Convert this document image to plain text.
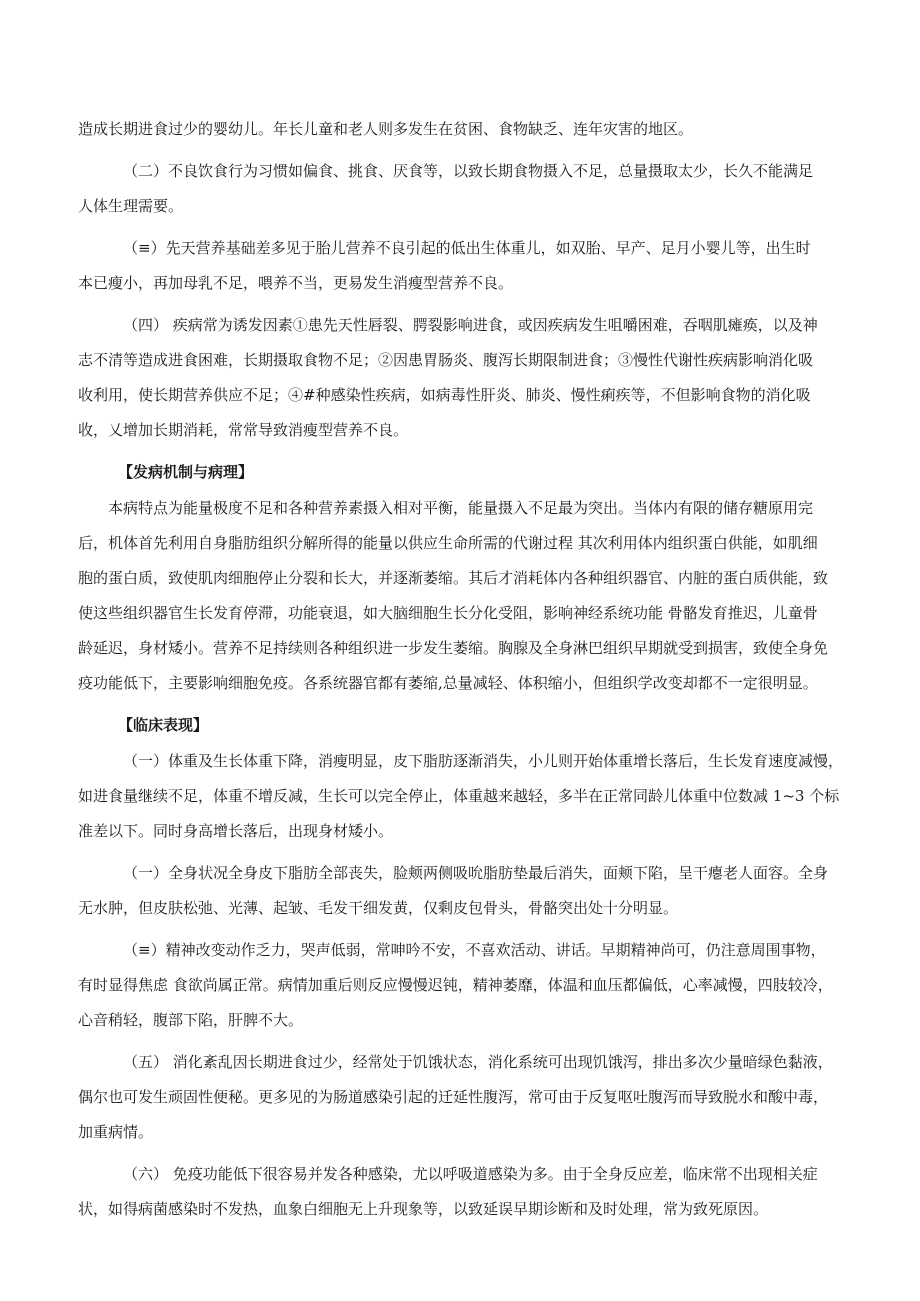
造成长期进食过少的婴幼儿。年长儿童和老人则多发生在贫困、食物缺乏、连年灾害的地区。
（二）不良饮食行为习惯如偏食、挑食、厌食等，以致长期食物摄入不足，总量摄取太少，长久不能满足
人体生理需要。
（≡）先天营养基础差多见于胎儿营养不良引起的低出生体重儿，如双胎、早产、足月小婴儿等，出生时
本已瘦小，再加母乳不足，喂养不当，更易发生消瘦型营养不良。
（四） 疾病常为诱发因素①患先天性唇裂、腭裂影响进食，或因疾病发生咀嚼困难，吞咽肌瘫痪，以及神
志不清等造成进食困难，长期摄取食物不足；②因患胃肠炎、腹泻长期限制进食；③慢性代谢性疾病影响消化吸
收利用，使长期营养供应不足；④#种感染性疾病，如病毒性肝炎、肺炎、慢性痢疾等，不但影响食物的消化吸
收，乂增加长期消耗，常常导致消瘦型营养不良。
【发病机制与病理】
本病特点为能量极度不足和各种营养素摄入相对平衡，能量摄入不足最为突出。当体内有限的储存糖原用完
后，机体首先利用自身脂肪组织分解所得的能量以供应生命所需的代谢过程 其次利用体内组织蛋白供能，如肌细
胞的蛋白质，致使肌肉细胞停止分裂和长大，并逐渐萎缩。其后才消耗体内各种组织器官、内脏的蛋白质供能，致
使这些组织器官生长发育停滞，功能衰退，如大脑细胞生长分化受阻，影响神经系统功能 骨骼发育推迟，儿童骨
龄延迟，身材矮小。营养不足持续则各种组织进一步发生萎缩。胸腺及全身淋巴组织早期就受到损害，致使全身免
疫功能低下，主要影响细胞免疫。各系统器官都有萎缩,总量减轻、体积缩小，但组织学改变却都不一定很明显。
【临床表现】
（一）体重及生长体重下降，消瘦明显，皮下脂肪逐渐消失，小儿则开始体重增长落后，生长发育速度减慢，
如进食量继续不足，体重不增反减，生长可以完全停止，体重越来越轻，多半在正常同龄儿体重中位数减 1~3 个标
准差以下。同时身高增长落后，出现身材矮小。
（一）全身状况全身皮下脂肪全部丧失，脸颊两侧吸吮脂肪垫最后消失，面颊下陷，呈干瘪老人面容。全身
无水肿，但皮肤松弛、光薄、起皱、毛发干细发黄，仅剩皮包骨头，骨骼突出处十分明显。
（≡）精神改变动作乏力，哭声低弱，常呻吟不安，不喜欢活动、讲话。早期精神尚可，仍注意周围事物，
有时显得焦虑 食欲尚属正常。病情加重后则反应慢慢迟钝，精神萎靡，体温和血压都偏低，心率减慢，四肢较冷，
心音稍轻，腹部下陷，肝脾不大。
（五） 消化紊乱因长期进食过少，经常处于饥饿状态，消化系统可出现饥饿泻，排出多次少量暗绿色黏液，
偶尔也可发生顽固性便秘。更多见的为肠道感染引起的迁延性腹泻，常可由于反复呕吐腹泻而导致脱水和酸中毒，
加重病情。
（六） 免疫功能低下很容易并发各种感染，尤以呼吸道感染为多。由于全身反应差，临床常不出现相关症
状，如得病菌感染时不发热，血象白细胞无上升现象等，以致延误早期诊断和及时处理，常为致死原因。
